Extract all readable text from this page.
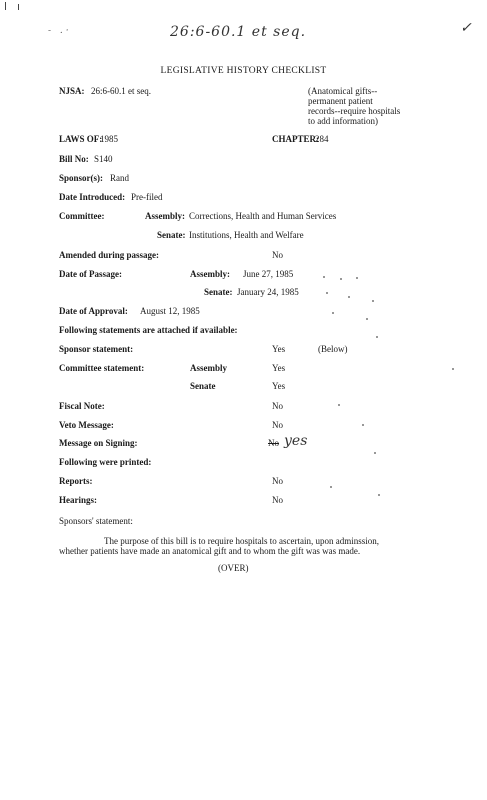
- .·	26:6-60.1 et seq.	✓
LEGISLATIVE HISTORY CHECKLIST
NJSA: 26:6-60.1 et seq.	(Anatomical gifts--
permanent patient
records--require hospitals
to add information)
LAWS OF:
1985	CHAPTER:
284
Bill No: S140
Sponsor(s): Rand
Date Introduced: Pre-filed
Committee:	Assembly: Corrections, Health and Human Services
Senate: Institutions, Health and Welfare
Amended during passage:	No
Date of Passage:	Assembly: June 27, 1985
Senate: January 24, 1985
Date of Approval: August 12, 1985
Following statements are attached if available:
Sponsor statement:	Yes	(Below)
Committee statement:	Assembly	Yes
Senate	Yes
Fiscal Note:	No
Veto Message:	No
Message on Signing:	No yes
Following were printed:
Reports:	No
Hearings:	No
Sponsors' statement:
The purpose of this bill is to require hospitals to ascertain, upon adminssion,
whether patients have made an anatomical gift and to whom the gift was was made.
(OVER)
